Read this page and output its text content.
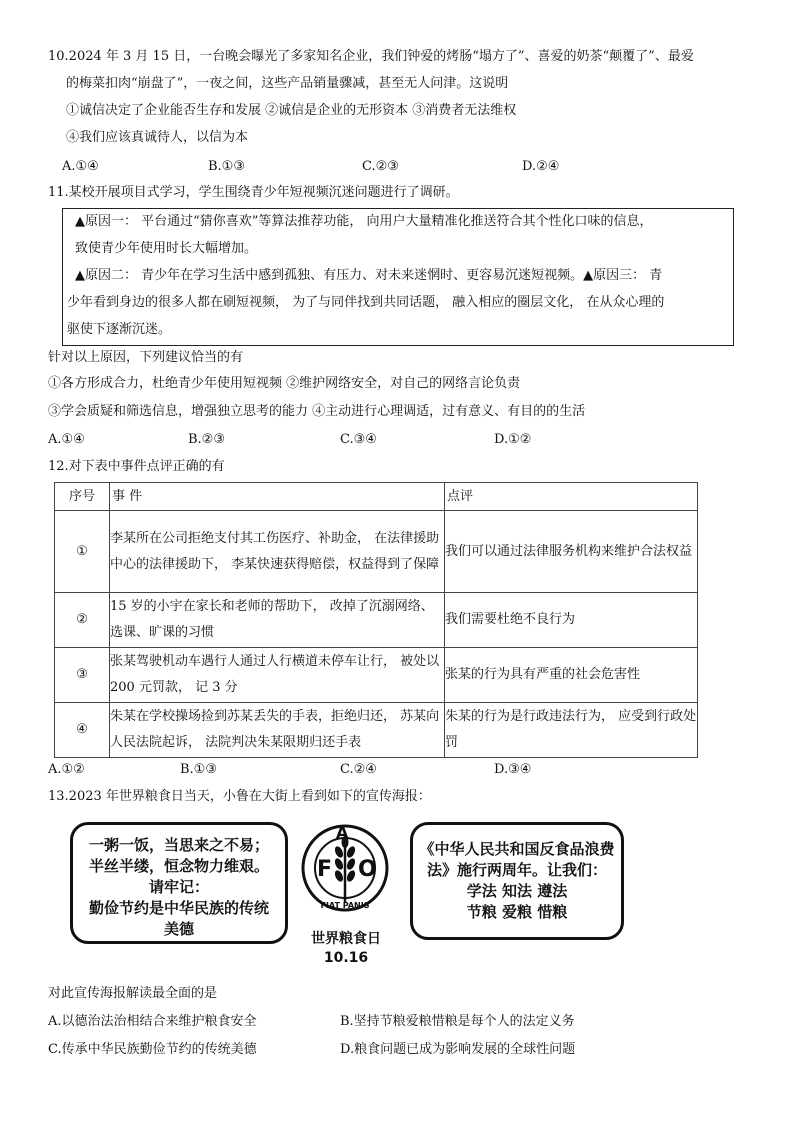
10.2024 年 3 月 15 日，一台晚会曝光了多家知名企业，我们钟爱的烤肠“塌方了”、喜爱的奶茶“颠覆了”、最爱
的梅菜扣肉“崩盘了”，一夜之间，这些产品销量骤减，甚至无人问津。这说明
①诚信决定了企业能否生存和发展 ②诚信是企业的无形资本 ③消费者无法维权
④我们应该真诚待人，以信为本
A.①④	B.①③	C.②③	D.②④
11.某校开展项目式学习，学生围绕青少年短视频沉迷问题进行了调研。
▲原因一： 平台通过“猜你喜欢”等算法推荐功能， 向用户大量精准化推送符合其个性化口味的信息，
致使青少年使用时长大幅增加。
▲原因二： 青少年在学习生活中感到孤独、有压力、对未来迷惘时、更容易沉迷短视频。▲原因三： 青
少年看到身边的很多人都在刷短视频， 为了与同伴找到共同话题， 融入相应的圈层文化， 在从众心理的
驱使下逐渐沉迷。
针对以上原因，下列建议恰当的有
①各方形成合力，杜绝青少年使用短视频 ②维护网络安全，对自己的网络言论负责
③学会质疑和筛选信息，增强独立思考的能力 ④主动进行心理调适，过有意义、有目的的生活
A.①④	B.②③	C.③④	D.①②
12.对下表中事件点评正确的有
序号	事 件	点评
①	李某所在公司拒绝支付其工伤医疗、补助金， 在法律援助中心的法律援助下， 李某快速获得赔偿，权益得到了保障	我们可以通过法律服务机构来维护合法权益
②	15 岁的小宇在家长和老师的帮助下， 改掉了沉溺网络、选课、旷课的习惯	我们需要杜绝不良行为
③	张某驾驶机动车遇行人通过人行横道未停车让行， 被处以 200 元罚款， 记 3 分	张某的行为具有严重的社会危害性
④	朱某在学校操场捡到苏某丢失的手表，拒绝归还， 苏某向人民法院起诉， 法院判决朱某限期归还手表	朱某的行为是行政违法行为， 应受到行政处罚
A.①②	B.①③	C.②④	D.③④
13.2023 年世界粮食日当天，小鲁在大街上看到如下的宣传海报：
一粥一饭，当思来之不易；
半丝半缕，恒念物力维艰。
请牢记：
勤俭节约是中华民族的传统
美德
F
A
O
FIAT PANIS
世界粮食日
10.16
《中华人民共和国反食品浪费
法》施行两周年。让我们：
学法 知法 遵法
节粮 爱粮 惜粮
对此宣传海报解读最全面的是
A.以德治法治相结合来维护粮食安全	B.坚持节粮爱粮惜粮是每个人的法定义务
C.传承中华民族勤俭节约的传统美德	D.粮食问题已成为影响发展的全球性问题
